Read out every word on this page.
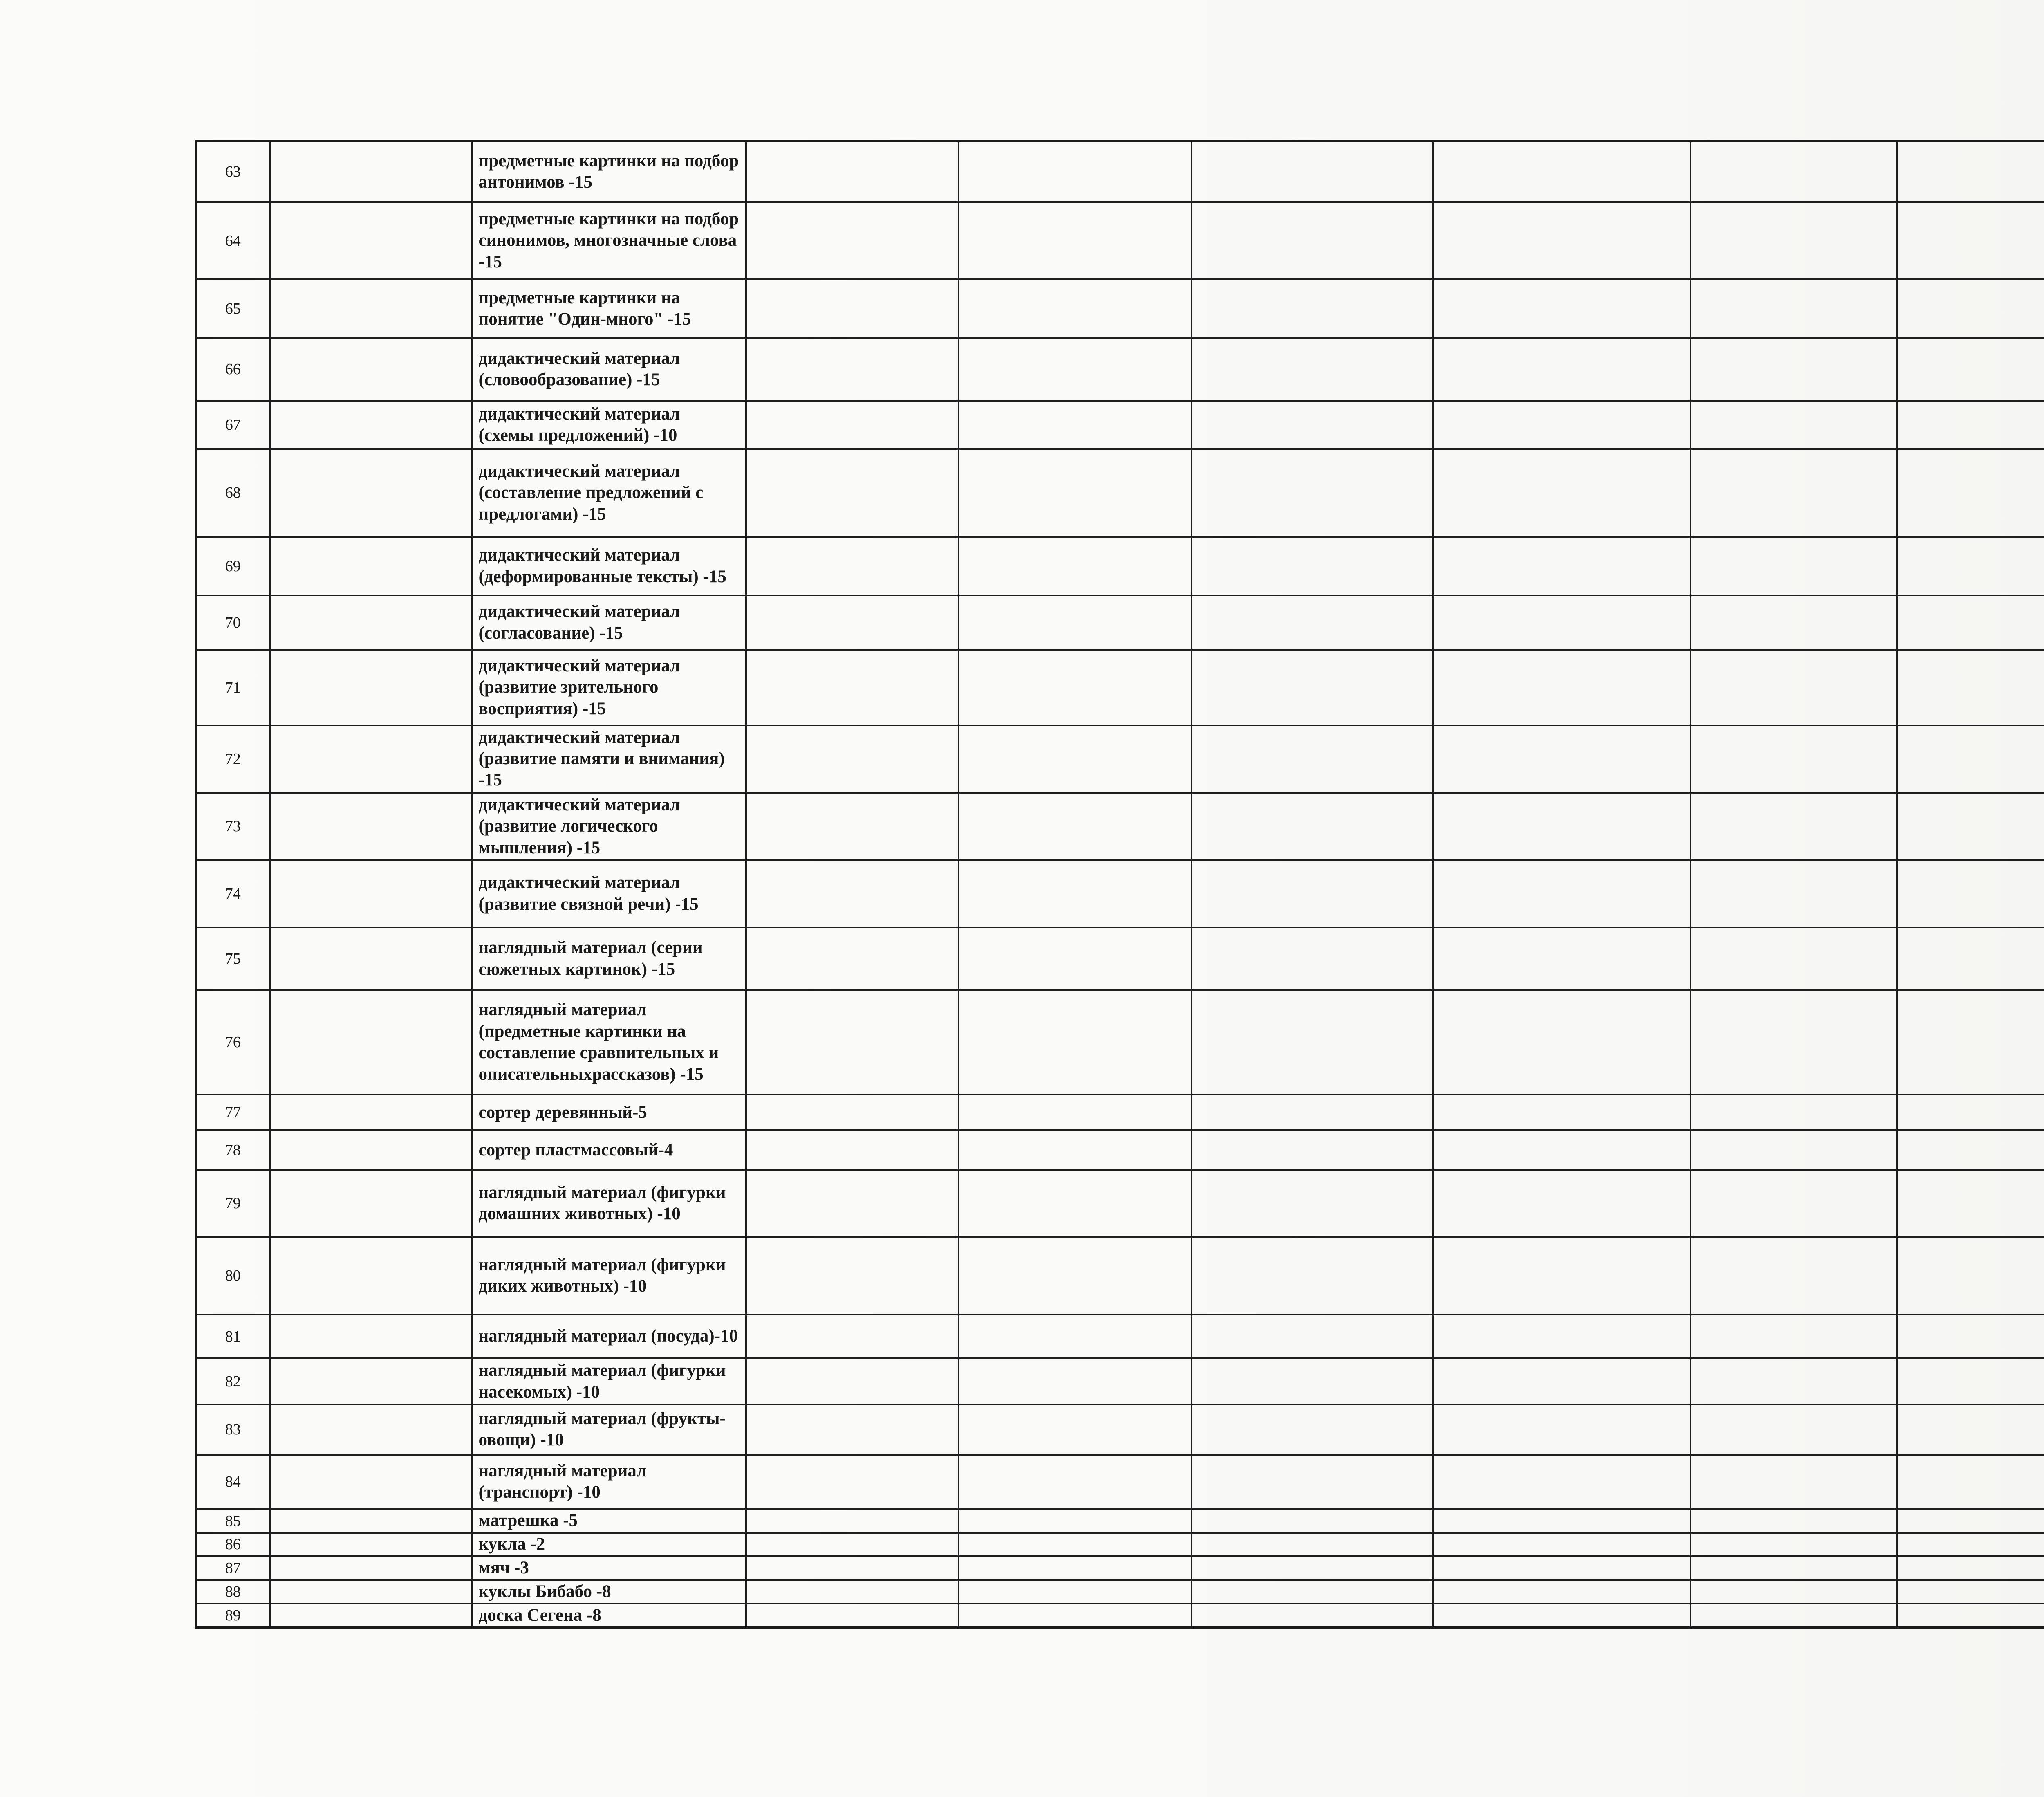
63		предметные картинки на подбор антонимов -15								
64		предметные картинки на подбор синонимов, многозначные слова -15								
65		предметные картинки на понятие "Один-много" -15								
66		дидактический материал (словообразование) -15								
67		дидактический материал (схемы предложений) -10								
68		дидактический материал (составление предложений с предлогами) -15								
69		дидактический материал (деформированные тексты) -15								
70		дидактический материал (согласование) -15								
71		дидактический материал (развитие зрительного восприятия) -15								
72		дидактический материал (развитие памяти и внимания) -15								
73		дидактический материал (развитие логического мышления) -15								
74		дидактический материал (развитие связной речи) -15								
75		наглядный материал (серии сюжетных картинок) -15								
76		наглядный материал (предметные картинки на составление сравнительных и описательныхрассказов) -15								
77		сортер деревянный-5								
78		сортер пластмассовый-4								
79		наглядный материал (фигурки домашних животных) -10								
80		наглядный материал (фигурки диких животных) -10								
81		наглядный материал (посуда)-10								
82		наглядный материал (фигурки насекомых) -10								
83		наглядный материал (фрукты-овощи) -10								
84		наглядный материал (транспорт) -10								
85		матрешка -5								
86		кукла -2								
87		мяч -3								
88		куклы Бибабо -8								
89		доска Сегена -8								
